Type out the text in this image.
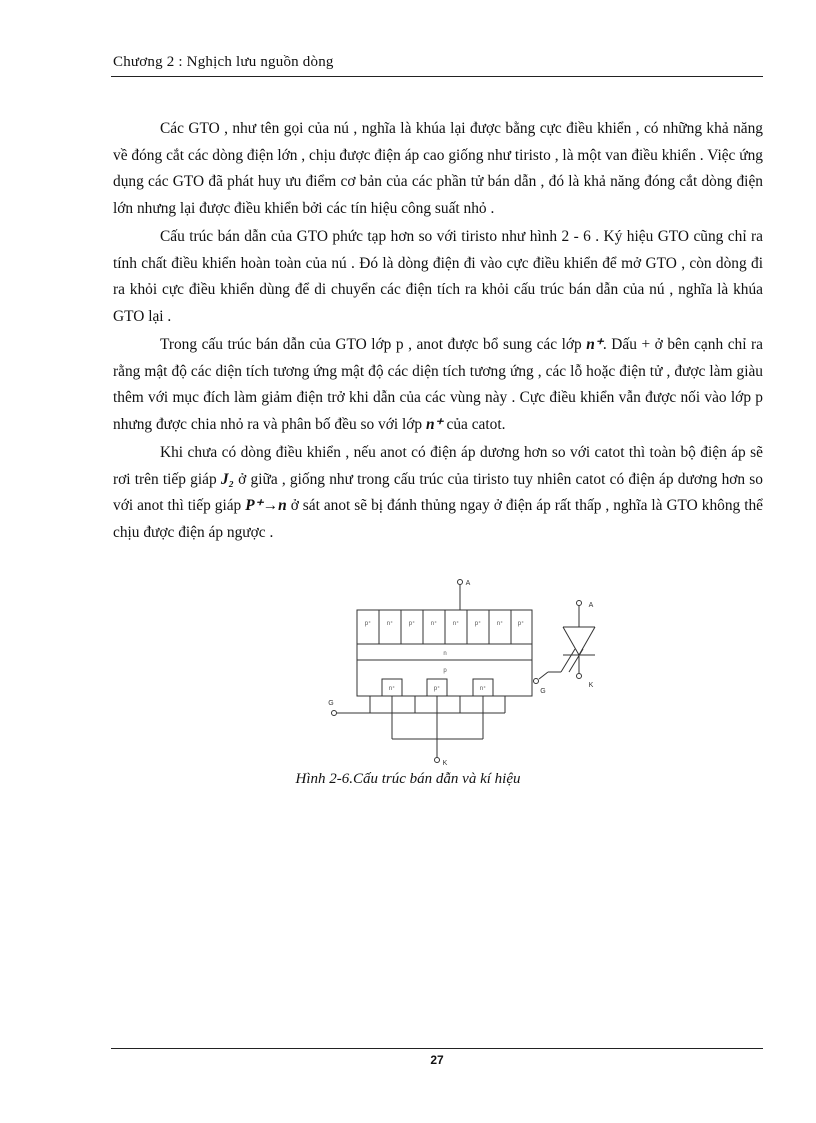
Chương 2 : Nghịch lưu nguồn dòng

Các GTO , như tên gọi của nú , nghĩa là khúa lại được bằng cực điều khiển , có những khả năng về đóng cắt các dòng điện lớn , chịu được điện áp cao giống như tiristo , là một van điều khiển . Việc ứng dụng các GTO đã phát huy ưu điểm cơ bản của các phần tử bán dẫn , đó là khả năng đóng cắt dòng điện lớn nhưng lại được điều khiển bởi các tín hiệu công suất nhỏ .

Cấu trúc bán dẫn của GTO phức tạp hơn so với tiristo như hình 2 - 6 . Ký hiệu GTO cũng chỉ ra tính chất điều khiển hoàn toàn của nú . Đó là dòng điện đi vào cực điều khiển để mở GTO , còn dòng đi ra khỏi cực điều khiển dùng để di chuyển các điện tích ra khỏi cấu trúc bán dẫn của nú , nghĩa là khúa GTO lại .

Trong cấu trúc bán dẫn của GTO lớp p , anot được bổ sung các lớp n⁺. Dấu + ở bên cạnh chỉ ra rằng mật độ các diện tích tương ứng mật độ các diện tích tương ứng , các lỗ hoặc điện tử , được làm giàu thêm với mục đích làm giảm điện trở khi dẫn của các vùng này . Cực điều khiển vẫn được nối vào lớp p nhưng được chia nhỏ ra và phân bố đều so với lớp n⁺ của catot.

Khi chưa có dòng điều khiển , nếu anot có điện áp dương hơn so với catot thì toàn bộ điện áp sẽ rơi trên tiếp giáp J₂ ở giữa , giống như trong cấu trúc của tiristo tuy nhiên catot có điện áp dương hơn so với anot thì tiếp giáp P⁺→n ở sát anot sẽ bị đánh thủng ngay ở điện áp rất thấp , nghĩa là GTO không thể chịu được điện áp ngược .

p⁺	n⁺	p⁺	n⁺	n⁺	p⁺	n⁺ p⁺
n
p
n⁺	p⁺	n⁺
A
G
K
A
G
K
Hình 2-6.Cấu trúc bán dẫn và kí hiệu
27
